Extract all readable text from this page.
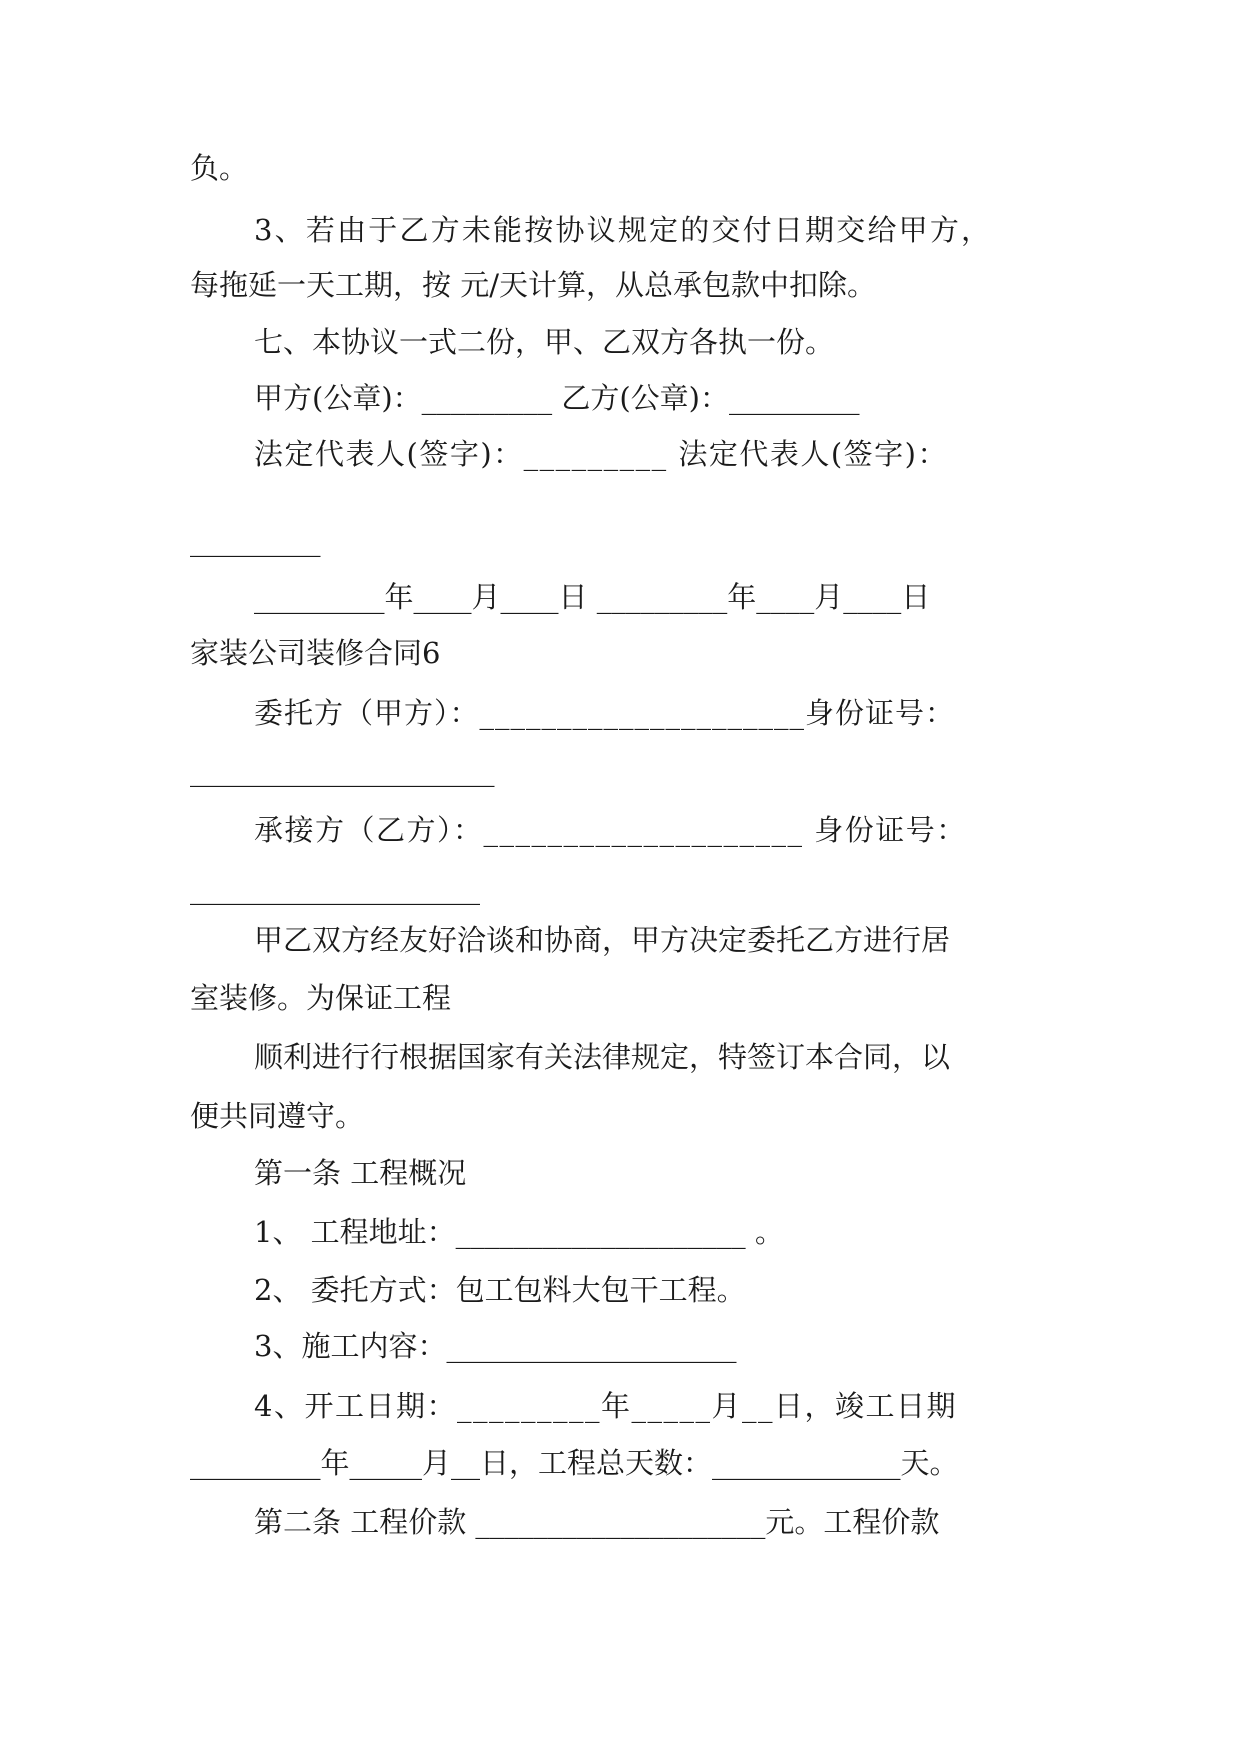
负。
3、若由于乙方未能按协议规定的交付日期交给甲方，
每拖延一天工期，按 元/天计算，从总承包款中扣除。
七、本协议一式二份，甲、乙双方各执一份。
甲方(公章)：_________ 乙方(公章)：_________
法定代表人(签字)：_________ 法定代表人(签字)：
_________
_________年____月____日 _________年____月____日
家装公司装修合同6
委托方（甲方）：_____________________身份证号：
_____________________
承接方（乙方）：____________________ 身份证号：
____________________
甲乙双方经友好洽谈和协商，甲方决定委托乙方进行居
室装修。为保证工程
顺利进行行根据国家有关法律规定，特签订本合同，以
便共同遵守。
第一条 工程概况
1、 工程地址：____________________ 。
2、 委托方式：包工包料大包干工程。
3、施工内容：____________________
4、开工日期：_________年_____月__日，竣工日期
_________年_____月__日，工程总天数：_____________天。
第二条 工程价款 ____________________元。工程价款
